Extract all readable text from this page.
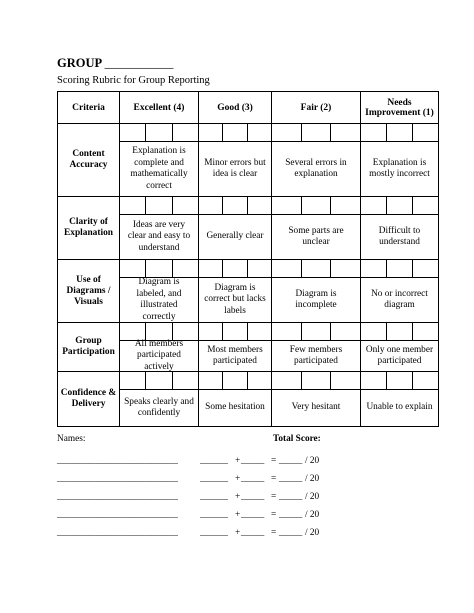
GROUP ___________
Scoring Rubric for Group Reporting
Criteria	Excellent (4)	Good (3)	Fair (2)	Needs Improvement (1)
Content Accuracy	Explanation is complete and mathematically correct	Minor errors but idea is clear	Several errors in explanation	Explanation is mostly incorrect

Clarity of Explanation	Ideas are very clear and easy to understand	Generally clear	Some parts are unclear	Difficult to understand

Use of Diagrams / Visuals	Diagram is labeled, and illustrated correctly	Diagram is correct but lacks labels	Diagram is incomplete	No or incorrect diagram

Group Participation	All members participated actively	Most members participated	Few members participated	Only one member participated

Confidence & Delivery	Speaks clearly and confidently	Some hesitation	Very hesitant	Unable to explain
Names:	Total Score:
__________________________ ______ + _____ = _____ / 20
__________________________ ______ + _____ = _____ / 20
__________________________ ______ + _____ = _____ / 20
__________________________ ______ + _____ = _____ / 20
__________________________ ______ + _____ = _____ / 20
